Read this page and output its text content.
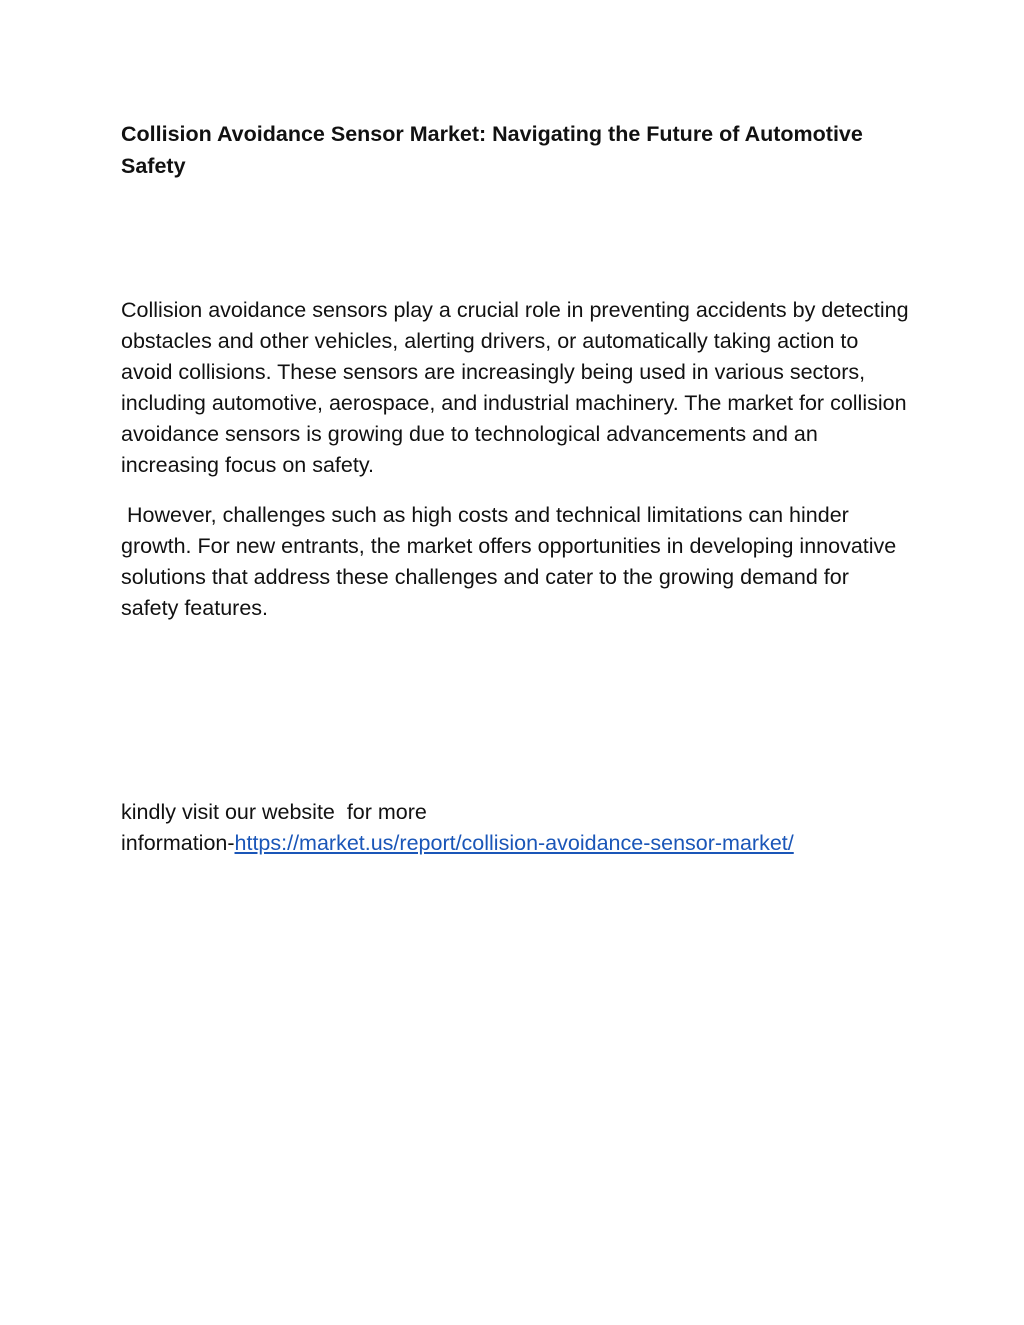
Collision Avoidance Sensor Market: Navigating the Future of Automotive Safety

Collision avoidance sensors play a crucial role in preventing accidents by detecting obstacles and other vehicles, alerting drivers, or automatically taking action to avoid collisions. These sensors are increasingly being used in various sectors, including automotive, aerospace, and industrial machinery. The market for collision avoidance sensors is growing due to technological advancements and an increasing focus on safety.

However, challenges such as high costs and technical limitations can hinder growth. For new entrants, the market offers opportunities in developing innovative solutions that address these challenges and cater to the growing demand for safety features.

kindly visit our website  for more
information-https://market.us/report/collision-avoidance-sensor-market/
